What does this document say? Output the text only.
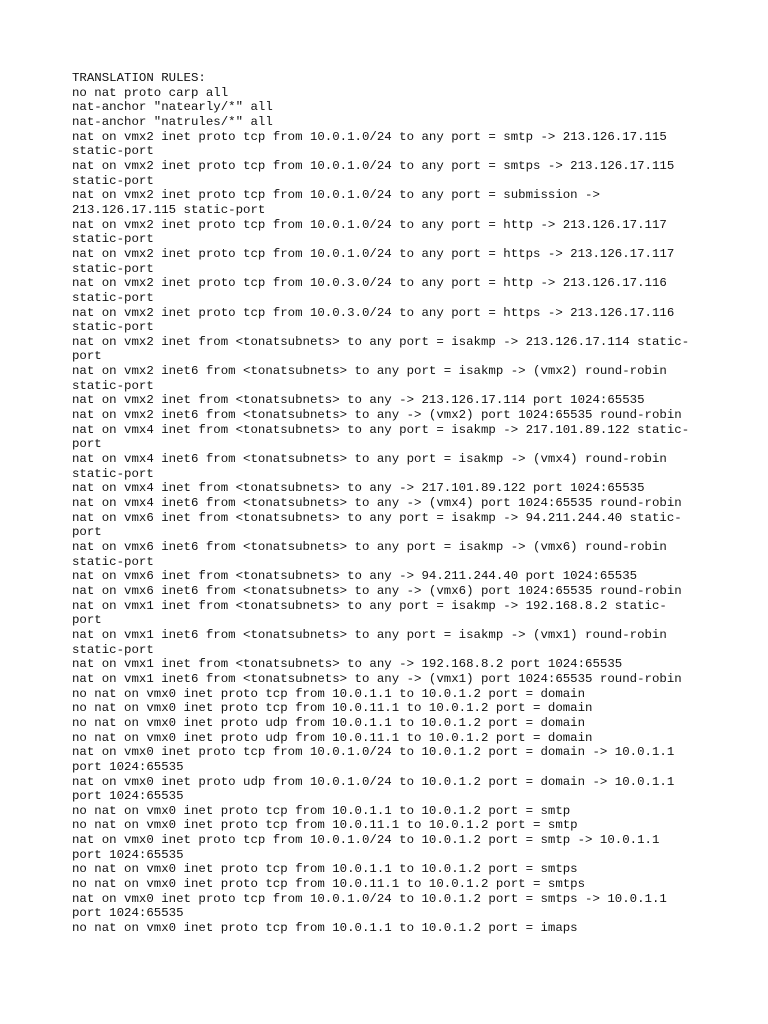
TRANSLATION RULES:
no nat proto carp all
nat-anchor "natearly/*" all
nat-anchor "natrules/*" all
nat on vmx2 inet proto tcp from 10.0.1.0/24 to any port = smtp -> 213.126.17.115
static-port
nat on vmx2 inet proto tcp from 10.0.1.0/24 to any port = smtps -> 213.126.17.115
static-port
nat on vmx2 inet proto tcp from 10.0.1.0/24 to any port = submission ->
213.126.17.115 static-port
nat on vmx2 inet proto tcp from 10.0.1.0/24 to any port = http -> 213.126.17.117
static-port
nat on vmx2 inet proto tcp from 10.0.1.0/24 to any port = https -> 213.126.17.117
static-port
nat on vmx2 inet proto tcp from 10.0.3.0/24 to any port = http -> 213.126.17.116
static-port
nat on vmx2 inet proto tcp from 10.0.3.0/24 to any port = https -> 213.126.17.116
static-port
nat on vmx2 inet from <tonatsubnets> to any port = isakmp -> 213.126.17.114 static-
port
nat on vmx2 inet6 from <tonatsubnets> to any port = isakmp -> (vmx2) round-robin
static-port
nat on vmx2 inet from <tonatsubnets> to any -> 213.126.17.114 port 1024:65535
nat on vmx2 inet6 from <tonatsubnets> to any -> (vmx2) port 1024:65535 round-robin
nat on vmx4 inet from <tonatsubnets> to any port = isakmp -> 217.101.89.122 static-
port
nat on vmx4 inet6 from <tonatsubnets> to any port = isakmp -> (vmx4) round-robin
static-port
nat on vmx4 inet from <tonatsubnets> to any -> 217.101.89.122 port 1024:65535
nat on vmx4 inet6 from <tonatsubnets> to any -> (vmx4) port 1024:65535 round-robin
nat on vmx6 inet from <tonatsubnets> to any port = isakmp -> 94.211.244.40 static-
port
nat on vmx6 inet6 from <tonatsubnets> to any port = isakmp -> (vmx6) round-robin
static-port
nat on vmx6 inet from <tonatsubnets> to any -> 94.211.244.40 port 1024:65535
nat on vmx6 inet6 from <tonatsubnets> to any -> (vmx6) port 1024:65535 round-robin
nat on vmx1 inet from <tonatsubnets> to any port = isakmp -> 192.168.8.2 static-
port
nat on vmx1 inet6 from <tonatsubnets> to any port = isakmp -> (vmx1) round-robin
static-port
nat on vmx1 inet from <tonatsubnets> to any -> 192.168.8.2 port 1024:65535
nat on vmx1 inet6 from <tonatsubnets> to any -> (vmx1) port 1024:65535 round-robin
no nat on vmx0 inet proto tcp from 10.0.1.1 to 10.0.1.2 port = domain
no nat on vmx0 inet proto tcp from 10.0.11.1 to 10.0.1.2 port = domain
no nat on vmx0 inet proto udp from 10.0.1.1 to 10.0.1.2 port = domain
no nat on vmx0 inet proto udp from 10.0.11.1 to 10.0.1.2 port = domain
nat on vmx0 inet proto tcp from 10.0.1.0/24 to 10.0.1.2 port = domain -> 10.0.1.1
port 1024:65535
nat on vmx0 inet proto udp from 10.0.1.0/24 to 10.0.1.2 port = domain -> 10.0.1.1
port 1024:65535
no nat on vmx0 inet proto tcp from 10.0.1.1 to 10.0.1.2 port = smtp
no nat on vmx0 inet proto tcp from 10.0.11.1 to 10.0.1.2 port = smtp
nat on vmx0 inet proto tcp from 10.0.1.0/24 to 10.0.1.2 port = smtp -> 10.0.1.1
port 1024:65535
no nat on vmx0 inet proto tcp from 10.0.1.1 to 10.0.1.2 port = smtps
no nat on vmx0 inet proto tcp from 10.0.11.1 to 10.0.1.2 port = smtps
nat on vmx0 inet proto tcp from 10.0.1.0/24 to 10.0.1.2 port = smtps -> 10.0.1.1
port 1024:65535
no nat on vmx0 inet proto tcp from 10.0.1.1 to 10.0.1.2 port = imaps
